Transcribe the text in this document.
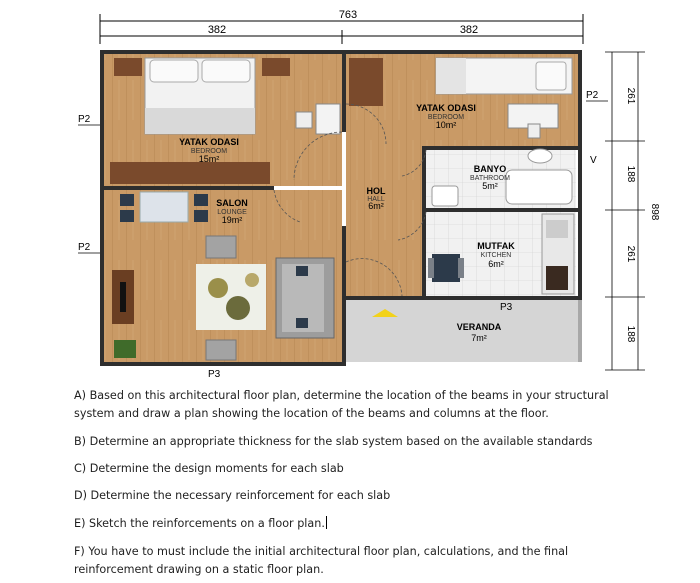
763
382	382
261
188
261
188
898
YATAK ODASI
BEDROOM
15m²
YATAK ODASI
BEDROOM
10m²
SALON
LOUNGE
19m²
HOL
HALL
6m²
BANYO
BATHROOM
5m²
MUTFAK
KITCHEN
6m²
VERANDA
7m²
P2
P2
P2
P3
P3
V
A) Based on this architectural floor plan, determine the location of the beams in your structural system and draw a plan showing the location of the beams and columns at the floor.
B) Determine an appropriate thickness for the slab system based on the available standards
C) Determine the design moments for each slab
D) Determine the necessary reinforcement for each slab
E) Sketch the reinforcements on a floor plan.
F) You have to must include the initial architectural floor plan, calculations, and the final reinforcement drawing on a static floor plan.
